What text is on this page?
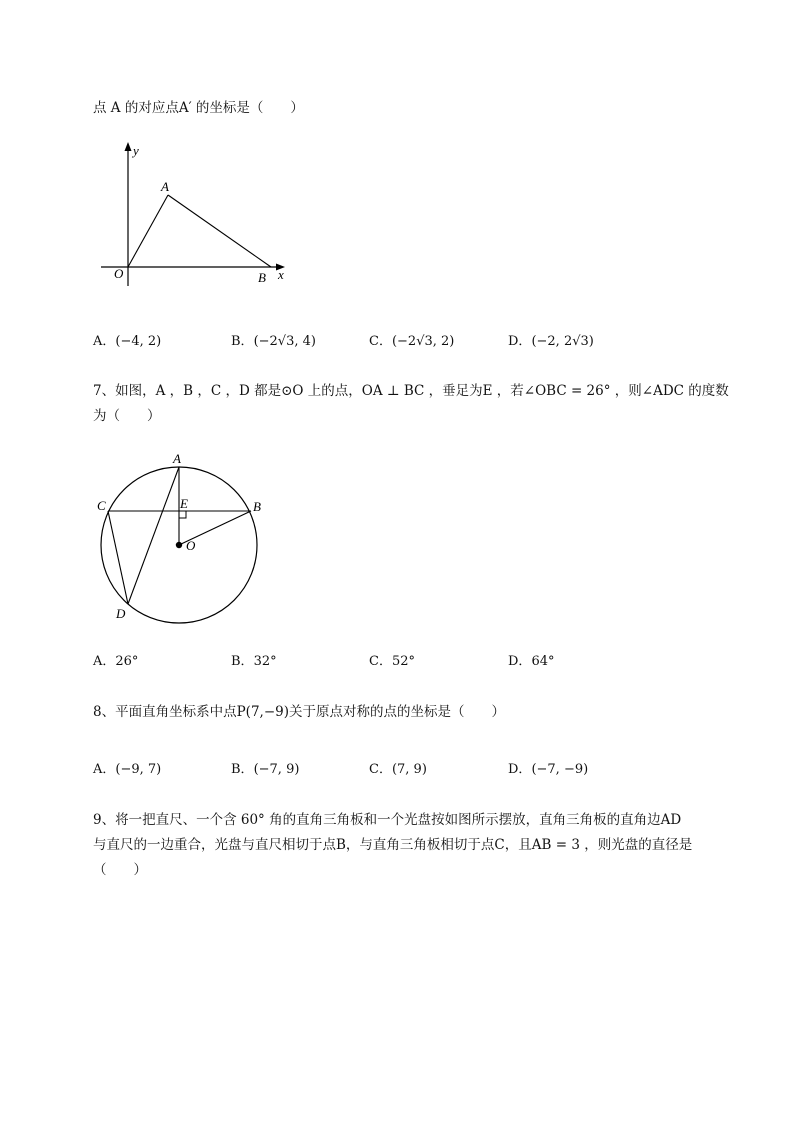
点 A 的对应点A′ 的坐标是（　　）
y
x
O
A
B
A．(−4, 2)	B．(−2√3, 4)	C．(−2√3, 2)	D．(−2, 2√3)
7、如图，A ，B ，C ，D 都是⊙O 上的点，OA ⊥ BC ，垂足为E ，若∠OBC = 26° ，则∠ADC 的度数
为（　　）
A
B
C
D
E
O
A．26°	B．32°	C．52°	D．64°
8、平面直角坐标系中点P(7,−9)关于原点对称的点的坐标是（　　）
A．(−9, 7)	B．(−7, 9)	C．(7, 9)	D．(−7, −9)
9、将一把直尺、一个含 60° 角的直角三角板和一个光盘按如图所示摆放，直角三角板的直角边AD
与直尺的一边重合，光盘与直尺相切于点B，与直角三角板相切于点C，且AB = 3 ，则光盘的直径是
（　　）
